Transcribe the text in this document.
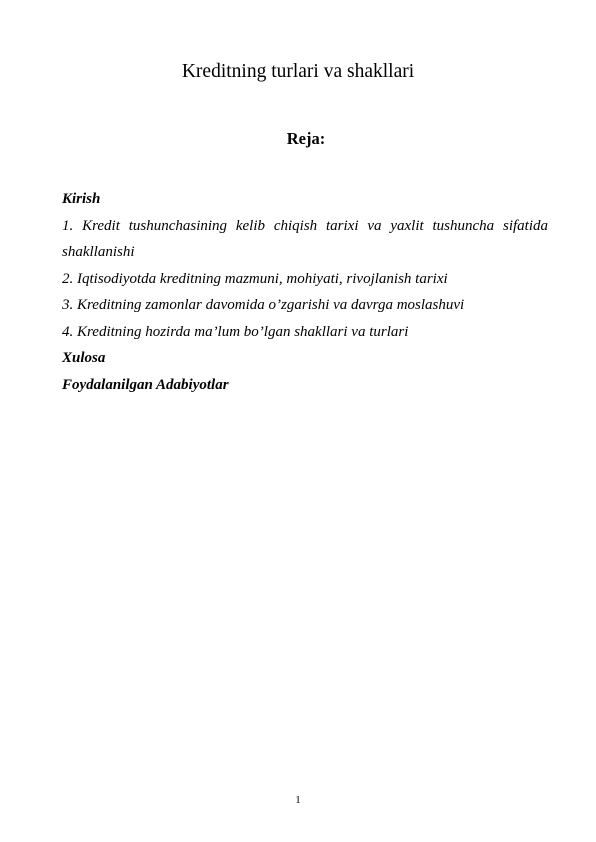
Kreditning turlari va shakllari
Reja:
Kirish
1. Kredit tushunchasining kelib chiqish tarixi va yaxlit tushuncha sifatida shakllanishi
2. Iqtisodiyotda kreditning mazmuni, mohiyati, rivojlanish tarixi
3. Kreditning zamonlar davomida o’zgarishi va davrga moslashuvi
4. Kreditning hozirda ma’lum bo’lgan shakllari va turlari
Xulosa
Foydalanilgan Adabiyotlar
1
